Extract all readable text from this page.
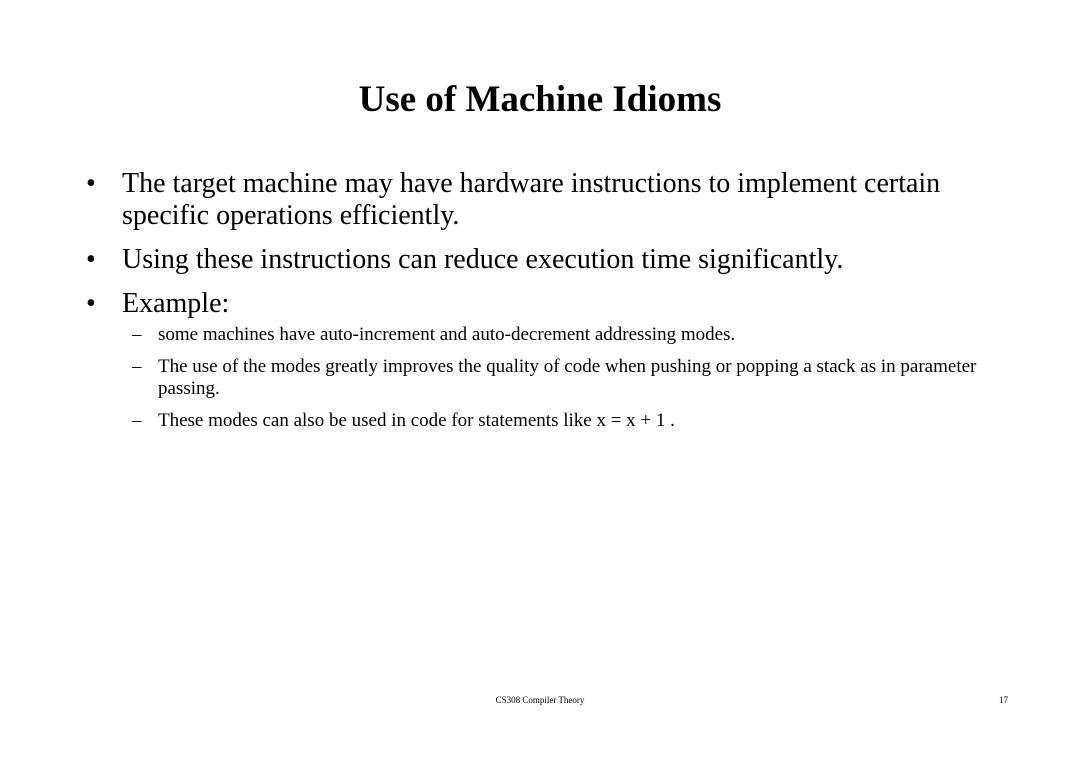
Use of Machine Idioms
• The target machine may have hardware instructions to implement certain specific operations efficiently.
• Using these instructions can reduce execution time significantly.
• Example:
– some machines have auto-increment and auto-decrement addressing modes.
– The use of the modes greatly improves the quality of code when pushing or popping a stack as in parameter passing.
– These modes can also be used in code for statements like x = x + 1 .
CS308 Compiler Theory	17
